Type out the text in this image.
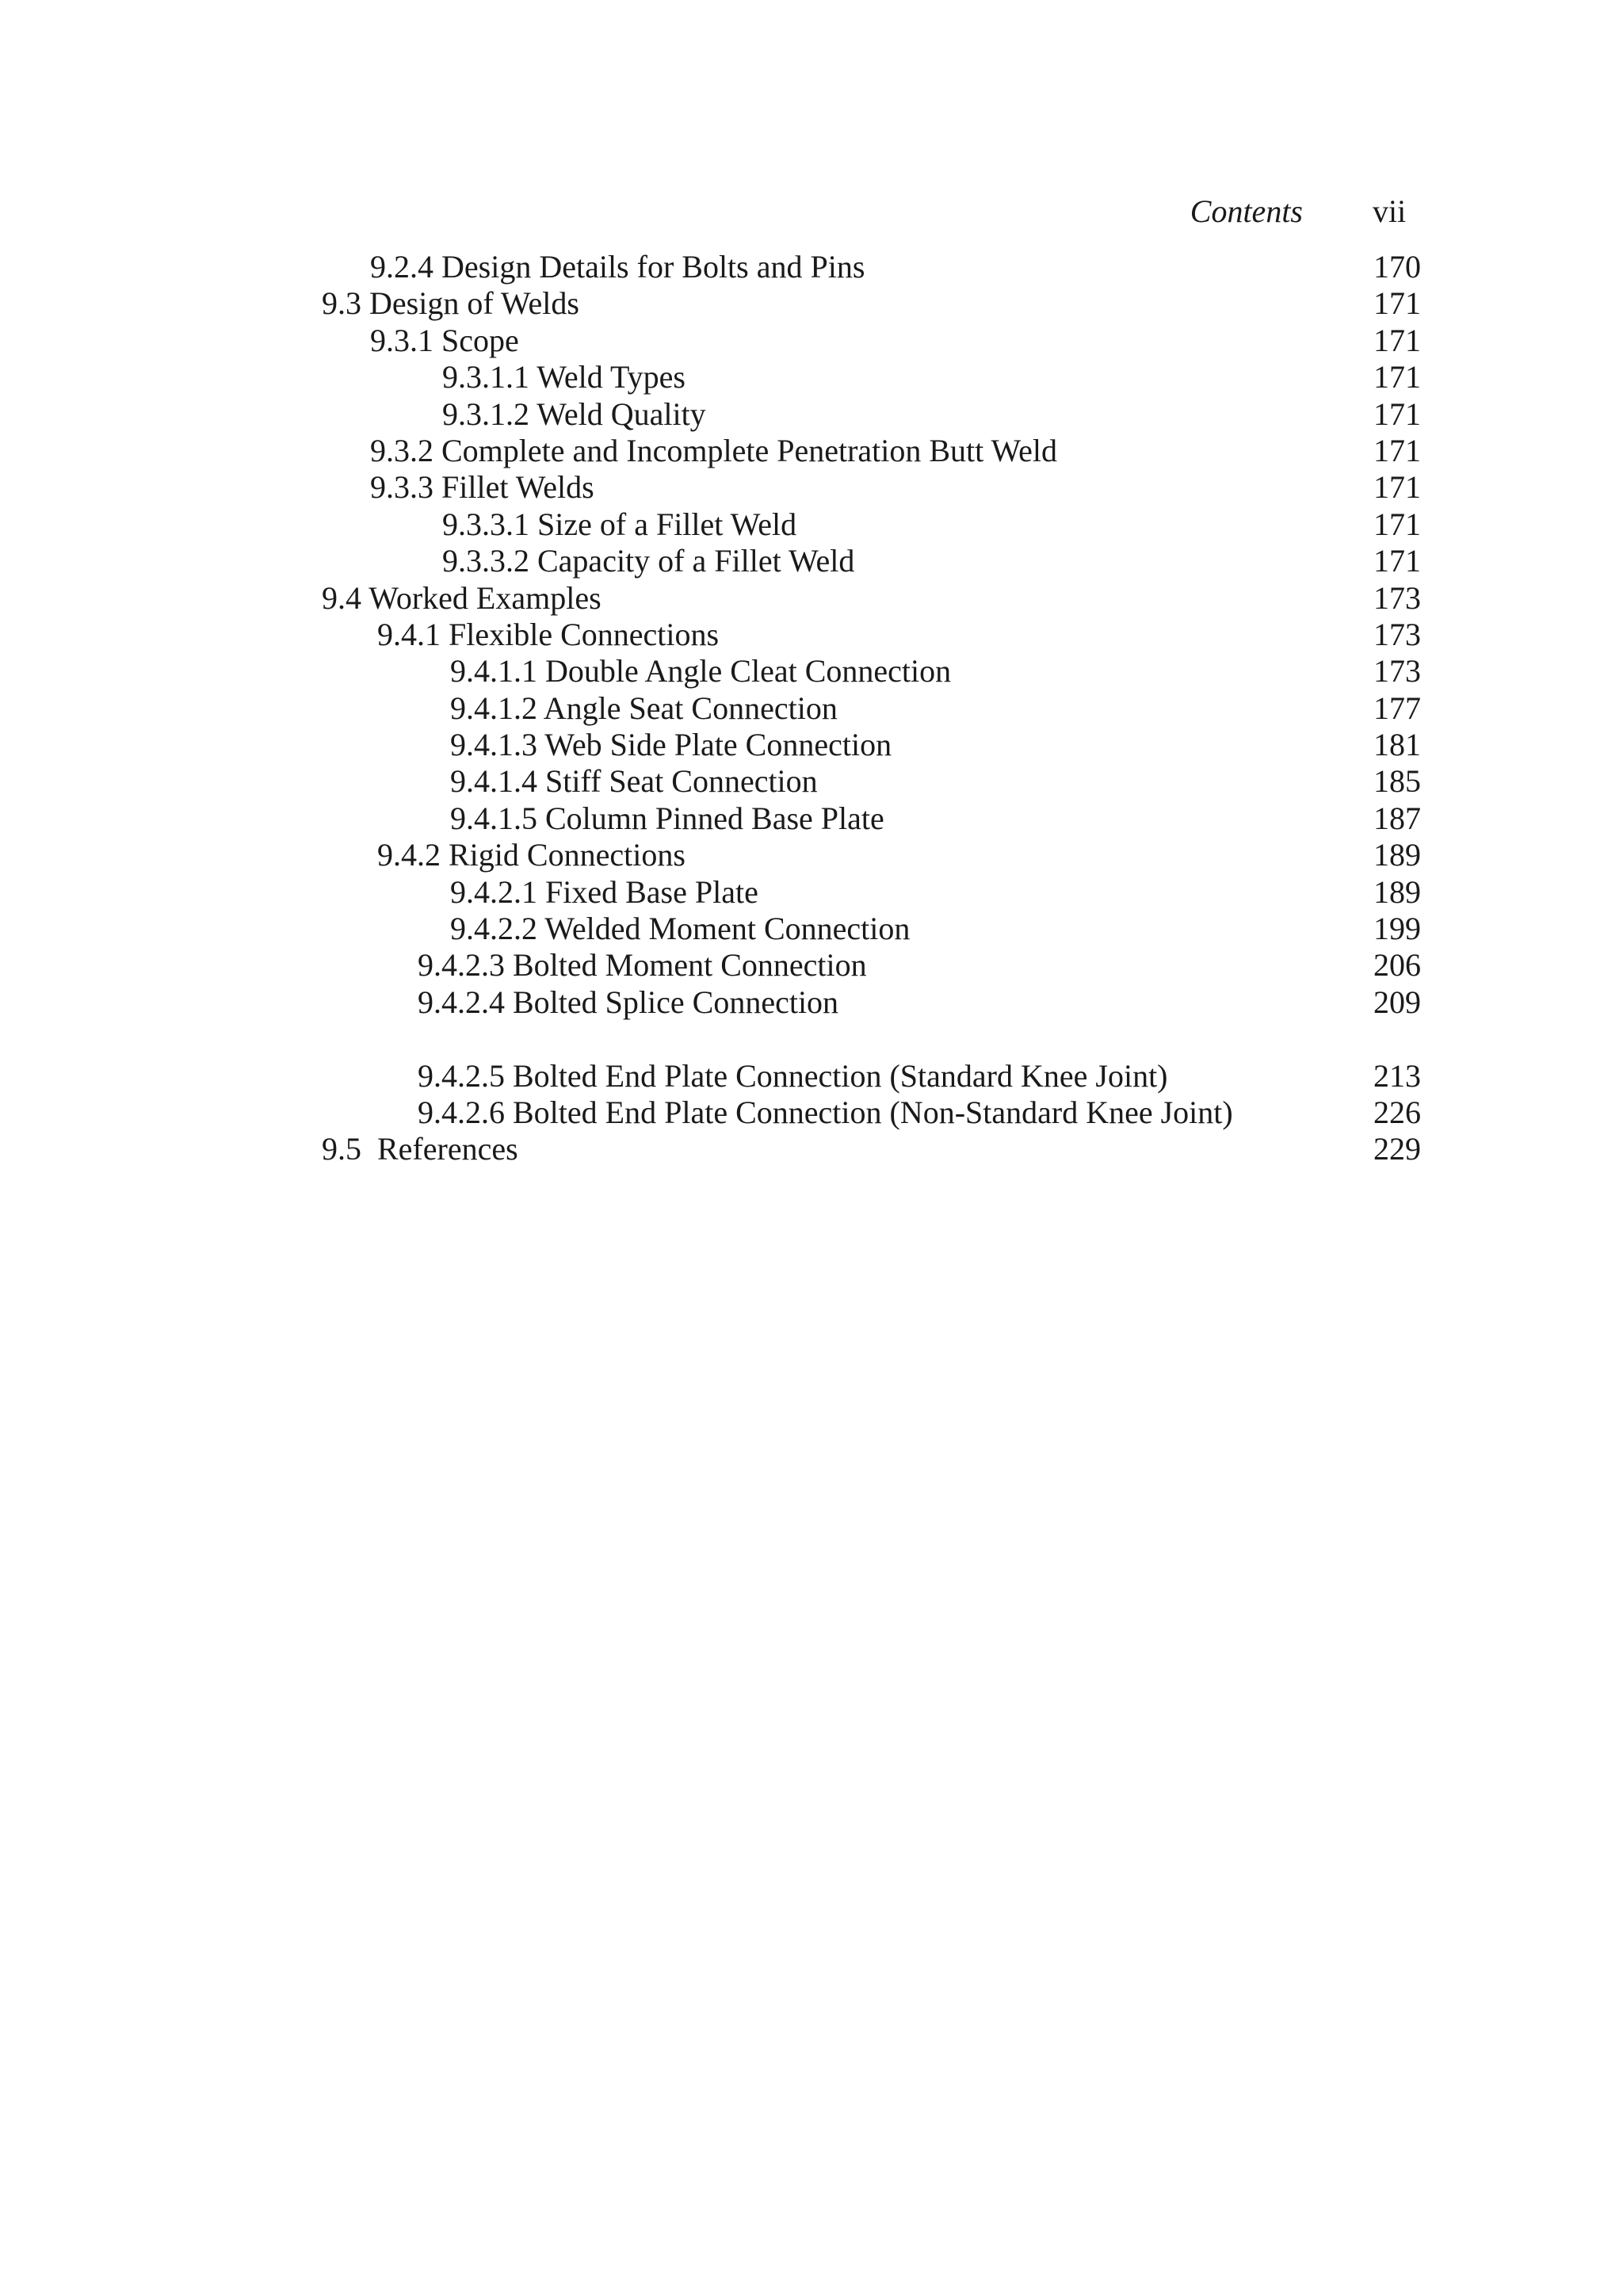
Contents vii
9.2.4 Design Details for Bolts and Pins	170
9.3 Design of Welds	171
9.3.1 Scope	171
9.3.1.1 Weld Types	171
9.3.1.2 Weld Quality	171
9.3.2 Complete and Incomplete Penetration Butt Weld	171
9.3.3 Fillet Welds	171
9.3.3.1 Size of a Fillet Weld	171
9.3.3.2 Capacity of a Fillet Weld	171
9.4 Worked Examples	173
9.4.1 Flexible Connections	173
9.4.1.1 Double Angle Cleat Connection	173
9.4.1.2 Angle Seat Connection	177
9.4.1.3 Web Side Plate Connection	181
9.4.1.4 Stiff Seat Connection	185
9.4.1.5 Column Pinned Base Plate	187
9.4.2 Rigid Connections	189
9.4.2.1 Fixed Base Plate	189
9.4.2.2 Welded Moment Connection	199
9.4.2.3 Bolted Moment Connection	206
9.4.2.4 Bolted Splice Connection	209
9.4.2.5 Bolted End Plate Connection (Standard Knee Joint)	213
9.4.2.6 Bolted End Plate Connection (Non-Standard Knee Joint)	226
9.5  References	229
